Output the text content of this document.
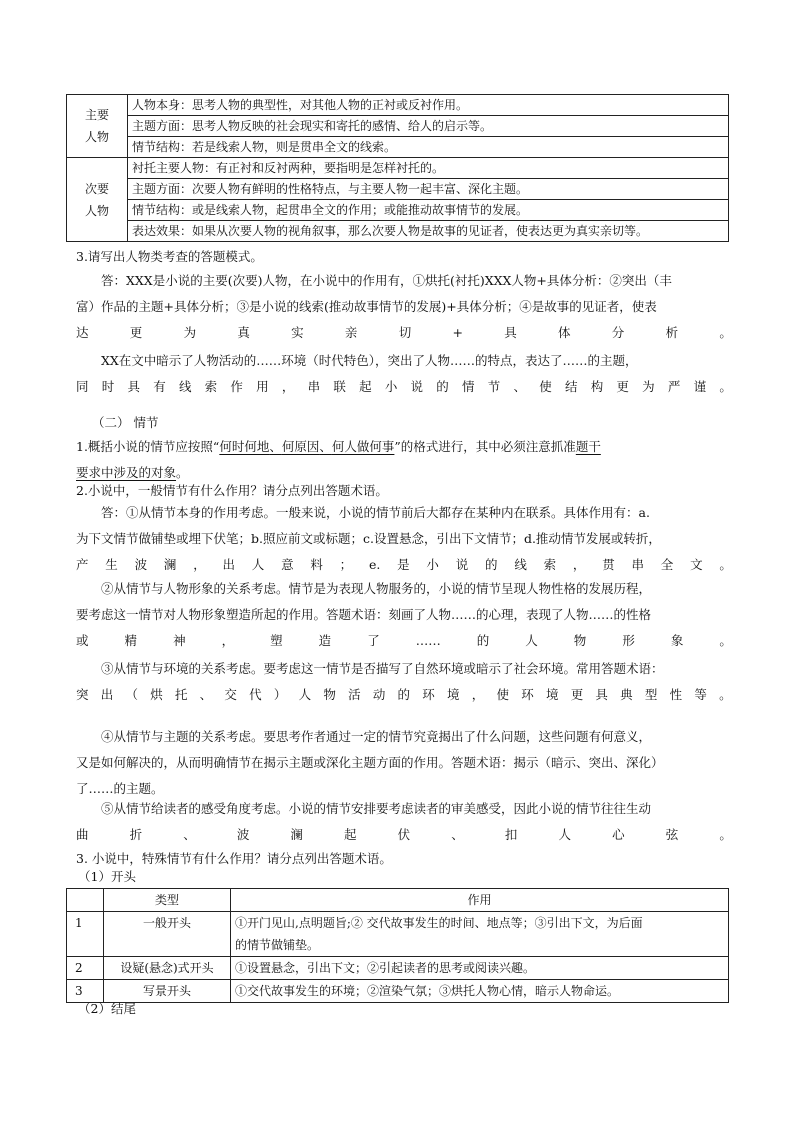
主要
人物	人物本身：思考人物的典型性，对其他人物的正衬或反衬作用。
	主题方面：思考人物反映的社会现实和寄托的感情、给人的启示等。
	情节结构：若是线索人物，则是贯串全文的线索。

次要
人物	衬托主要人物：有正衬和反衬两种，要指明是怎样衬托的。
	主题方面：次要人物有鲜明的性格特点，与主要人物一起丰富、深化主题。
	情节结构：或是线索人物，起贯串全文的作用；或能推动故事情节的发展。
	表达效果：如果从次要人物的视角叙事，那么次要人物是故事的见证者，使表达更为真实亲切等。
3.请写出人物类考查的答题模式。
答：XXX是小说的主要(次要)人物，在小说中的作用有，①烘托(衬托)XXX人物+具体分析：②突出（丰
富）作品的主题+具体分析；③是小说的线索(推动故事情节的发展)+具体分析；④是故事的见证者，使表
达	更	为	真	实	亲	切	+	具	体	分	析	。
XX在文中暗示了人物活动的……环境（时代特色），突出了人物……的特点，表达了……的主题，
同 时 具 有 线 索 作 用 ， 串 联 起 小 说 的 情 节 、 使 结 构 更 为 严 谨 。
（二） 情节
1.概括小说的情节应按照“何时何地、何原因、何人做何事”的格式进行，其中必须注意抓准题干
要求中涉及的对象。
2.小说中，一般情节有什么作用？请分点列出答题术语。
答：①从情节本身的作用考虑。一般来说，小说的情节前后大都存在某种内在联系。具体作用有：a.
为下文情节做铺垫或埋下伏笔；b.照应前文或标题；c.设置悬念，引出下文情节；d.推动情节发展或转折，
产 生 波 澜 ， 出 人 意 料 ； e. 是 小 说 的 线 索 ， 贯 串 全 文 。
②从情节与人物形象的关系考虑。情节是为表现人物服务的，小说的情节呈现人物性格的发展历程，
要考虑这一情节对人物形象塑造所起的作用。答题术语：刻画了人物……的心理，表现了人物……的性格
或	精	神	，	塑	造	了	……	的	人	物	形	象	。
③从情节与环境的关系考虑。要考虑这一情节是否描写了自然环境或暗示了社会环境。常用答题术语：
突 出 （ 烘 托 、 交 代 ） 人 物 活 动 的 环 境 ， 使 环 境 更 具 典 型 性 等 。
④从情节与主题的关系考虑。要思考作者通过一定的情节究竟揭出了什么问题，这些问题有何意义，
又是如何解决的，从而明确情节在揭示主题或深化主题方面的作用。答题术语：揭示（暗示、突出、深化）
了……的主题。
⑤从情节给读者的感受角度考虑。小说的情节安排要考虑读者的审美感受，因此小说的情节往往生动
曲	折	、	波	澜	起	伏	、	扣	人	心	弦	。
3. 小说中，特殊情节有什么作用？请分点列出答题术语。
（1）开头
	类型	作用
1	一般开头	①开门见山,点明题旨;② 交代故事发生的时间、地点等；③引出下文，为后面
的情节做铺垫。

2	设疑(悬念)式开头	①设置悬念，引出下文；②引起读者的思考或阅读兴趣。
3	写景开头	①交代故事发生的环境；②渲染气氛；③烘托人物心情，暗示人物命运。
（2）结尾
